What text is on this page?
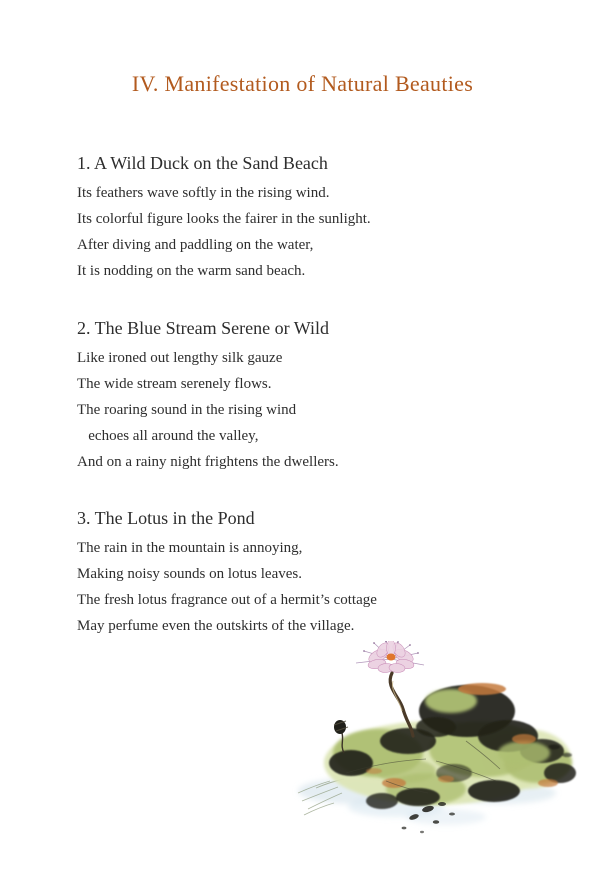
IV. Manifestation of Natural Beauties
1. A Wild Duck on the Sand Beach

Its feathers wave softly in the rising wind.

Its colorful figure looks the fairer in the sunlight.

After diving and paddling on the water,

It is nodding on the warm sand beach.

2. The Blue Stream Serene or Wild

Like ironed out lengthy silk gauze

The wide stream serenely flows.

The roaring sound in the rising wind

echoes all around the valley,

And on a rainy night frightens the dwellers.

3. The Lotus in the Pond

The rain in the mountain is annoying,

Making noisy sounds on lotus leaves.

The fresh lotus fragrance out of a hermit’s cottage

May perfume even the outskirts of the village.
